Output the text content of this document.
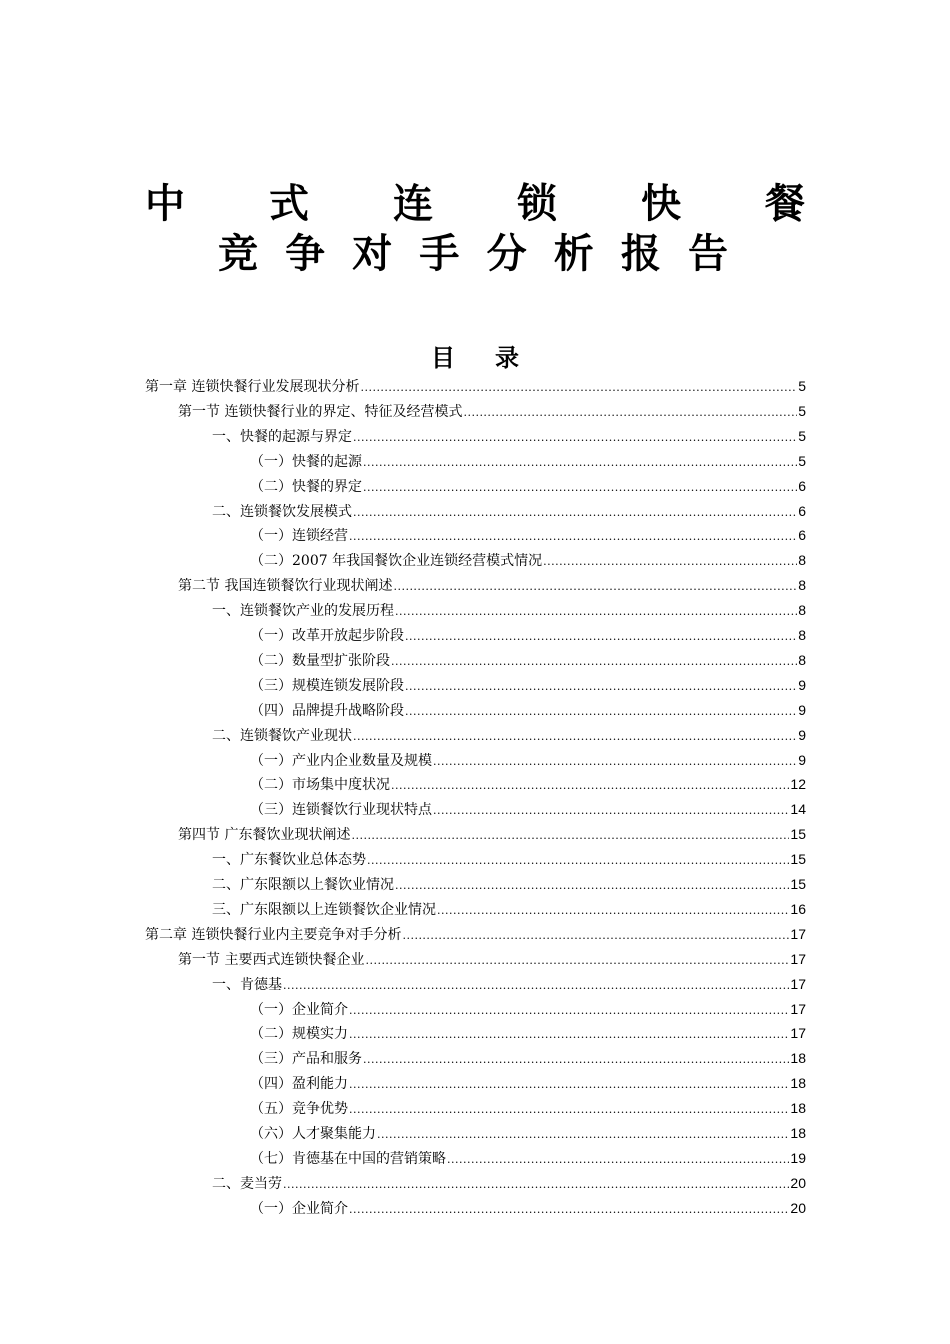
中 式 连 锁 快 餐
竞 争 对 手 分 析 报 告
目录
第一章 连锁快餐行业发展现状分析 .....	5
第一节 连锁快餐行业的界定、特征及经营模式 .....	5
一、快餐的起源与界定 .....	5
（一）快餐的起源 .....	5
（二）快餐的界定 .....	6
二、连锁餐饮发展模式 .....	6
（一）连锁经营 .....	6
（二）2007 年我国餐饮企业连锁经营模式情况 .....	8
第二节 我国连锁餐饮行业现状阐述 .....	8
一、连锁餐饮产业的发展历程 .....	8
（一）改革开放起步阶段 .....	8
（二）数量型扩张阶段 .....	8
（三）规模连锁发展阶段 .....	9
（四）品牌提升战略阶段 .....	9
二、连锁餐饮产业现状 .....	9
（一）产业内企业数量及规模 .....	9
（二）市场集中度状况 .....	12
（三）连锁餐饮行业现状特点 .....	14
第四节 广东餐饮业现状阐述 .....	15
一、广东餐饮业总体态势 .....	15
二、广东限额以上餐饮业情况 .....	15
三、广东限额以上连锁餐饮企业情况 .....	16
第二章 连锁快餐行业内主要竞争对手分析 .....	17
第一节 主要西式连锁快餐企业 .....	17
一、肯德基 .....	17
（一）企业简介 .....	17
（二）规模实力 .....	17
（三）产品和服务 .....	18
（四）盈利能力 .....	18
（五）竞争优势 .....	18
（六）人才聚集能力 .....	18
（七）肯德基在中国的营销策略 .....	19
二、麦当劳 .....	20
（一）企业简介 .....	20
